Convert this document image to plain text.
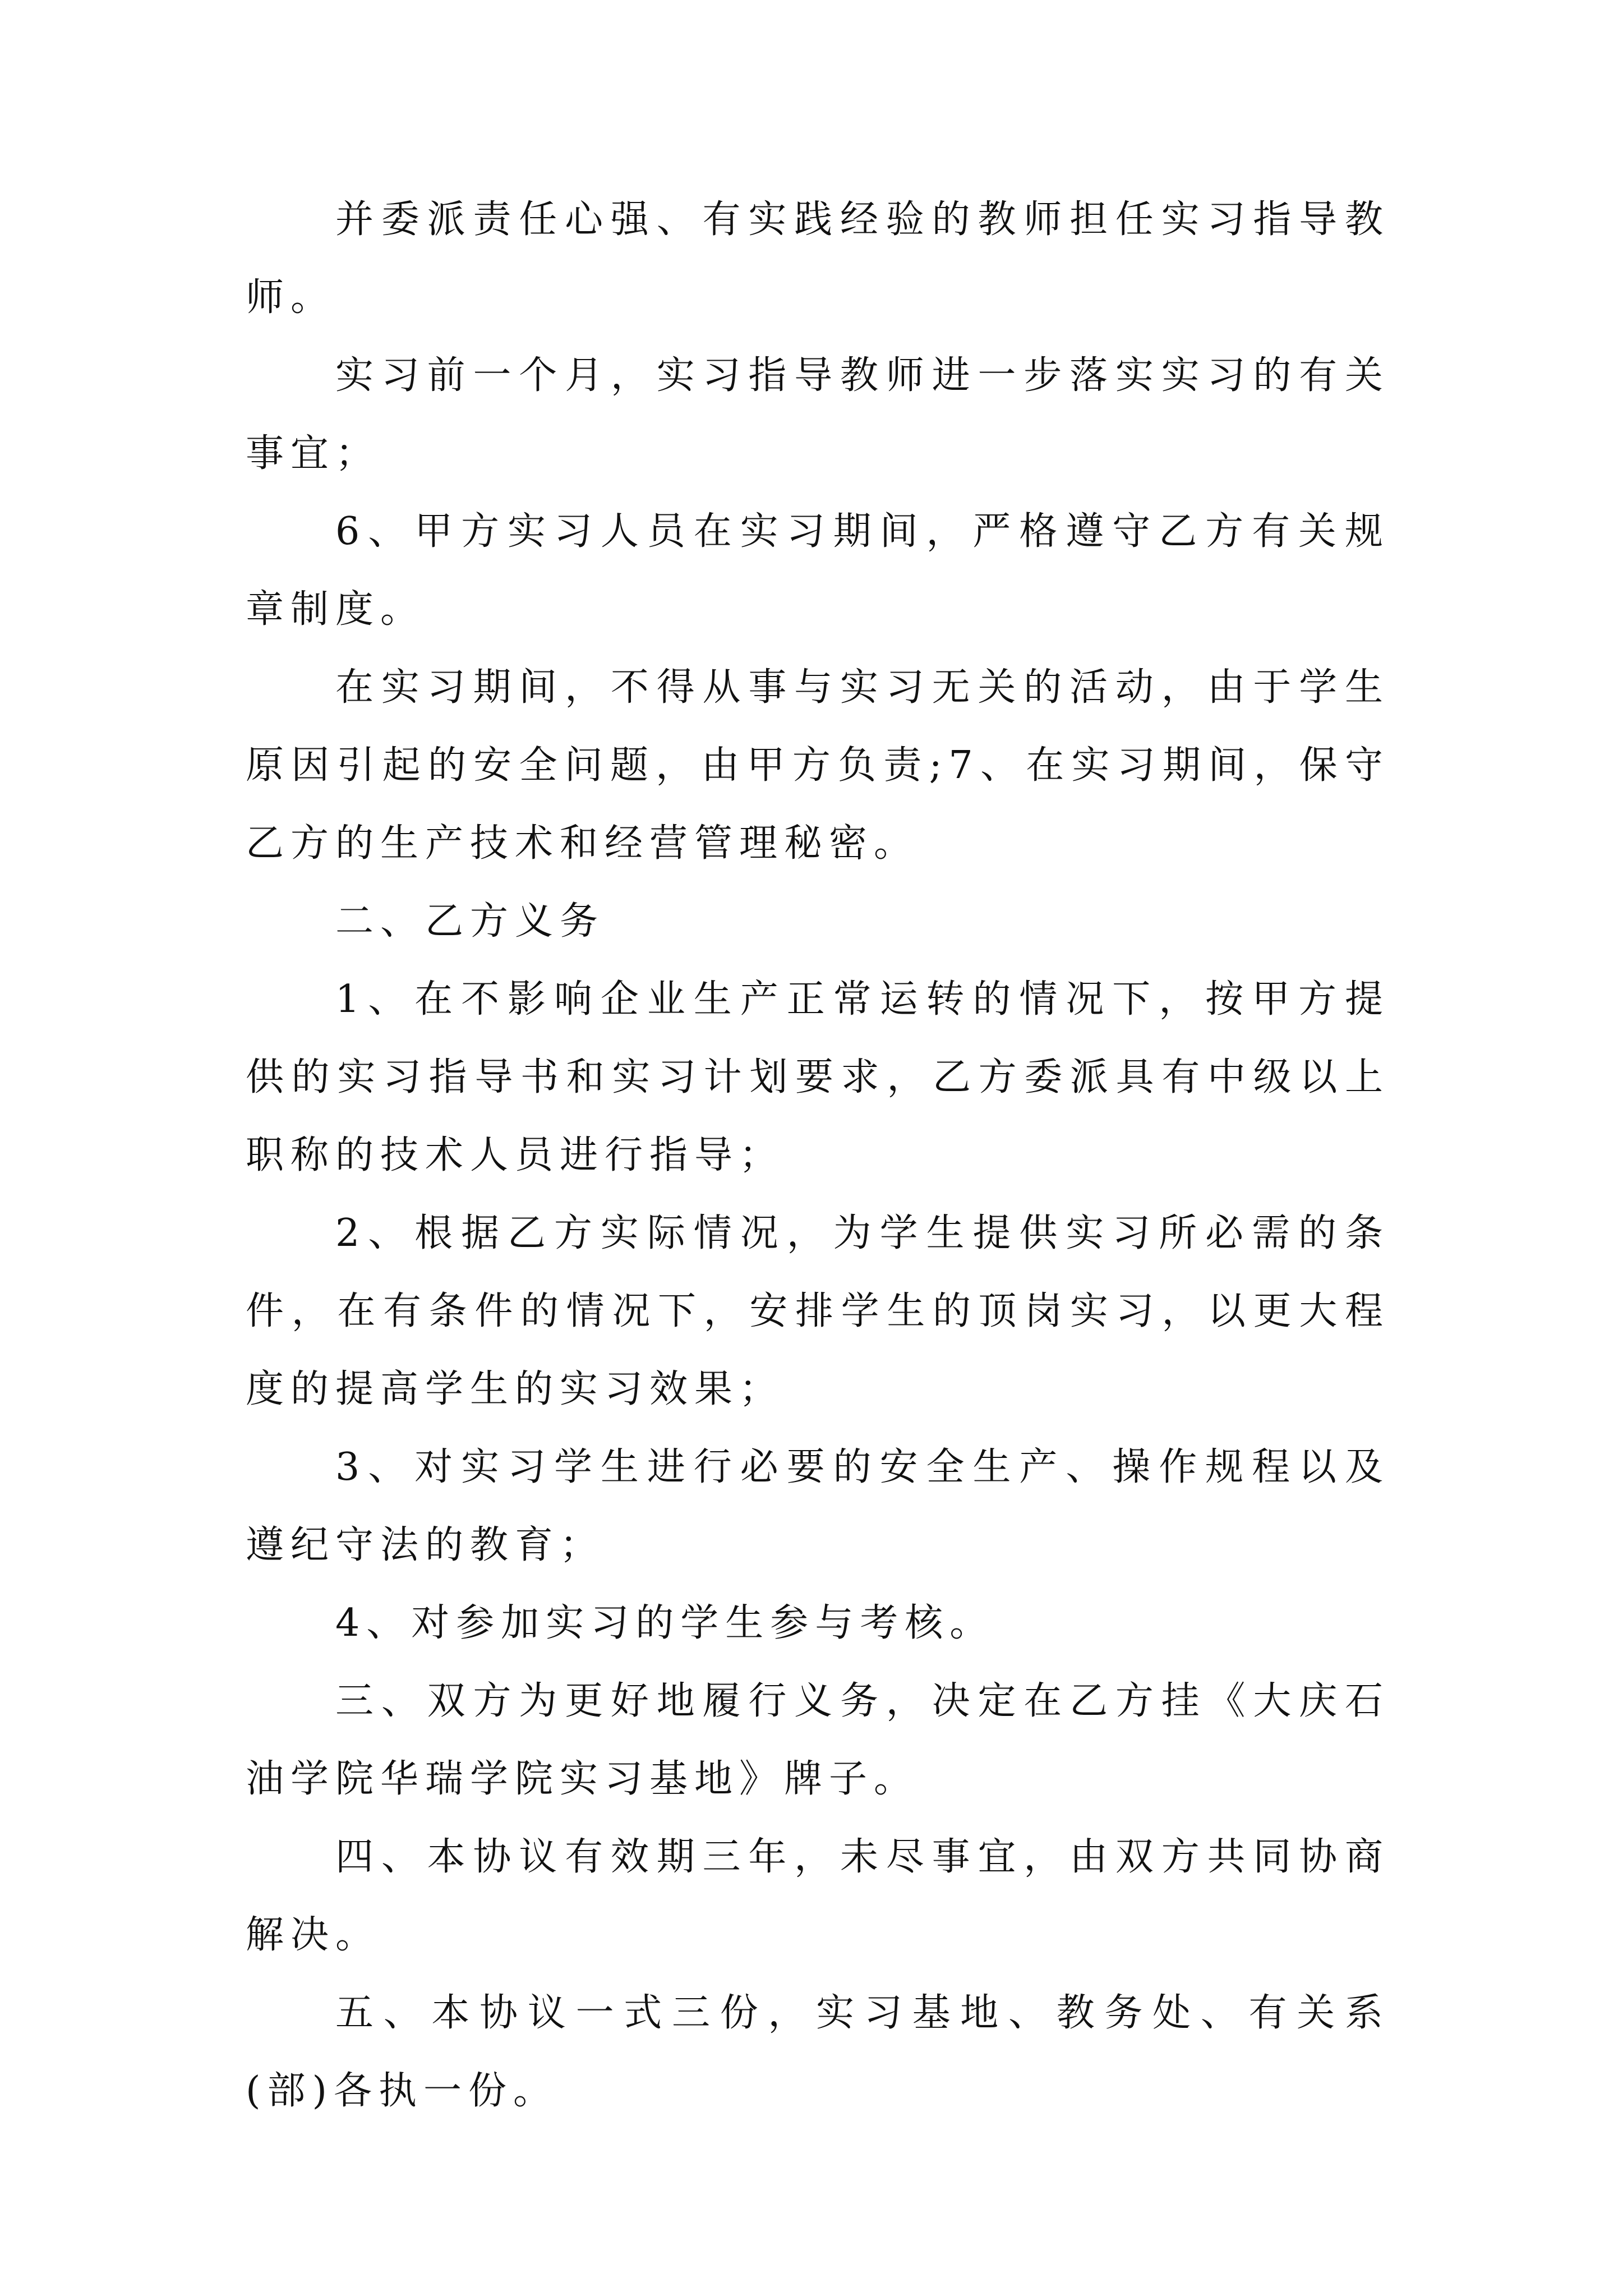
并委派责任心强、有实践经验的教师担任实习指导教师。

实习前一个月，实习指导教师进一步落实实习的有关事宜；

6、甲方实习人员在实习期间，严格遵守乙方有关规章制度。

在实习期间，不得从事与实习无关的活动，由于学生原因引起的安全问题，由甲方负责;7、在实习期间，保守乙方的生产技术和经营管理秘密。

二、乙方义务

1、在不影响企业生产正常运转的情况下，按甲方提供的实习指导书和实习计划要求，乙方委派具有中级以上职称的技术人员进行指导；

2、根据乙方实际情况，为学生提供实习所必需的条件，在有条件的情况下，安排学生的顶岗实习，以更大程度的提高学生的实习效果；

3、对实习学生进行必要的安全生产、操作规程以及遵纪守法的教育；

4、对参加实习的学生参与考核。

三、双方为更好地履行义务，决定在乙方挂《大庆石油学院华瑞学院实习基地》牌子。

四、本协议有效期三年，未尽事宜，由双方共同协商解决。

五、本协议一式三份，实习基地、教务处、有关系(部)各执一份。
